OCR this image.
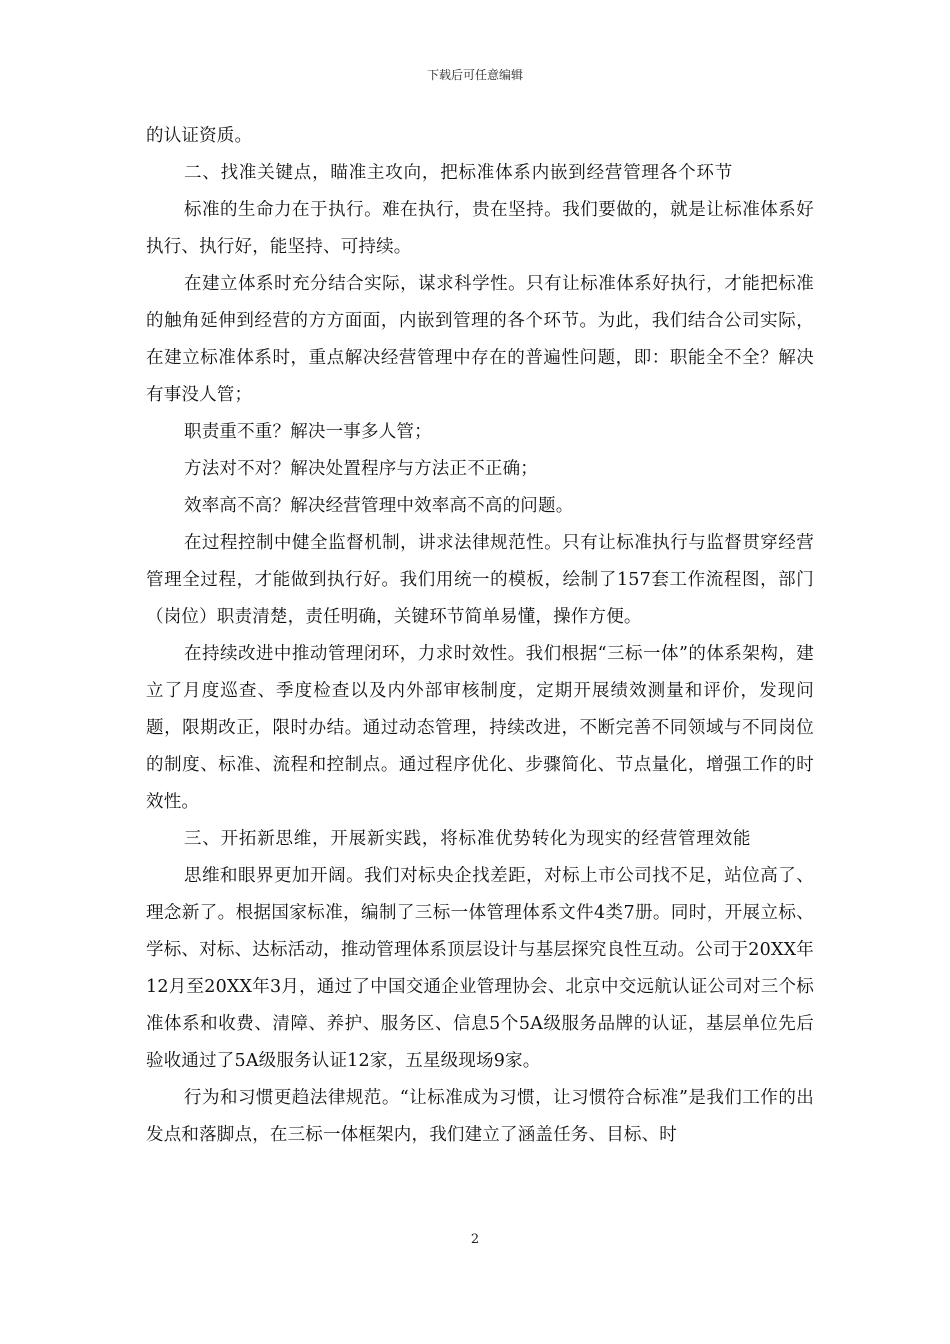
下载后可任意编辑

的认证资质。

二、找准关键点，瞄准主攻向，把标准体系内嵌到经营管理各个环节

标准的生命力在于执行。难在执行，贵在坚持。我们要做的，就是让标准体系好执行、执行好，能坚持、可持续。

在建立体系时充分结合实际，谋求科学性。只有让标准体系好执行，才能把标准的触角延伸到经营的方方面面，内嵌到管理的各个环节。为此，我们结合公司实际，在建立标准体系时，重点解决经营管理中存在的普遍性问题，即：职能全不全？解决有事没人管；

职责重不重？解决一事多人管；

方法对不对？解决处置程序与方法正不正确；

效率高不高？解决经营管理中效率高不高的问题。

在过程控制中健全监督机制，讲求法律规范性。只有让标准执行与监督贯穿经营管理全过程，才能做到执行好。我们用统一的模板，绘制了157套工作流程图，部门（岗位）职责清楚，责任明确，关键环节简单易懂，操作方便。

在持续改进中推动管理闭环，力求时效性。我们根据“三标一体”的体系架构，建立了月度巡查、季度检查以及内外部审核制度，定期开展绩效测量和评价，发现问题，限期改正，限时办结。通过动态管理，持续改进，不断完善不同领域与不同岗位的制度、标准、流程和控制点。通过程序优化、步骤简化、节点量化，增强工作的时效性。

三、开拓新思维，开展新实践，将标准优势转化为现实的经营管理效能

思维和眼界更加开阔。我们对标央企找差距，对标上市公司找不足，站位高了、理念新了。根据国家标准，编制了三标一体管理体系文件4类7册。同时，开展立标、学标、对标、达标活动，推动管理体系顶层设计与基层探究良性互动。公司于20XX年12月至20XX年3月，通过了中国交通企业管理协会、北京中交远航认证公司对三个标准体系和收费、清障、养护、服务区、信息5个5A级服务品牌的认证，基层单位先后验收通过了5A级服务认证12家，五星级现场9家。

行为和习惯更趋法律规范。“让标准成为习惯，让习惯符合标准”是我们工作的出发点和落脚点，在三标一体框架内，我们建立了涵盖任务、目标、时

2
